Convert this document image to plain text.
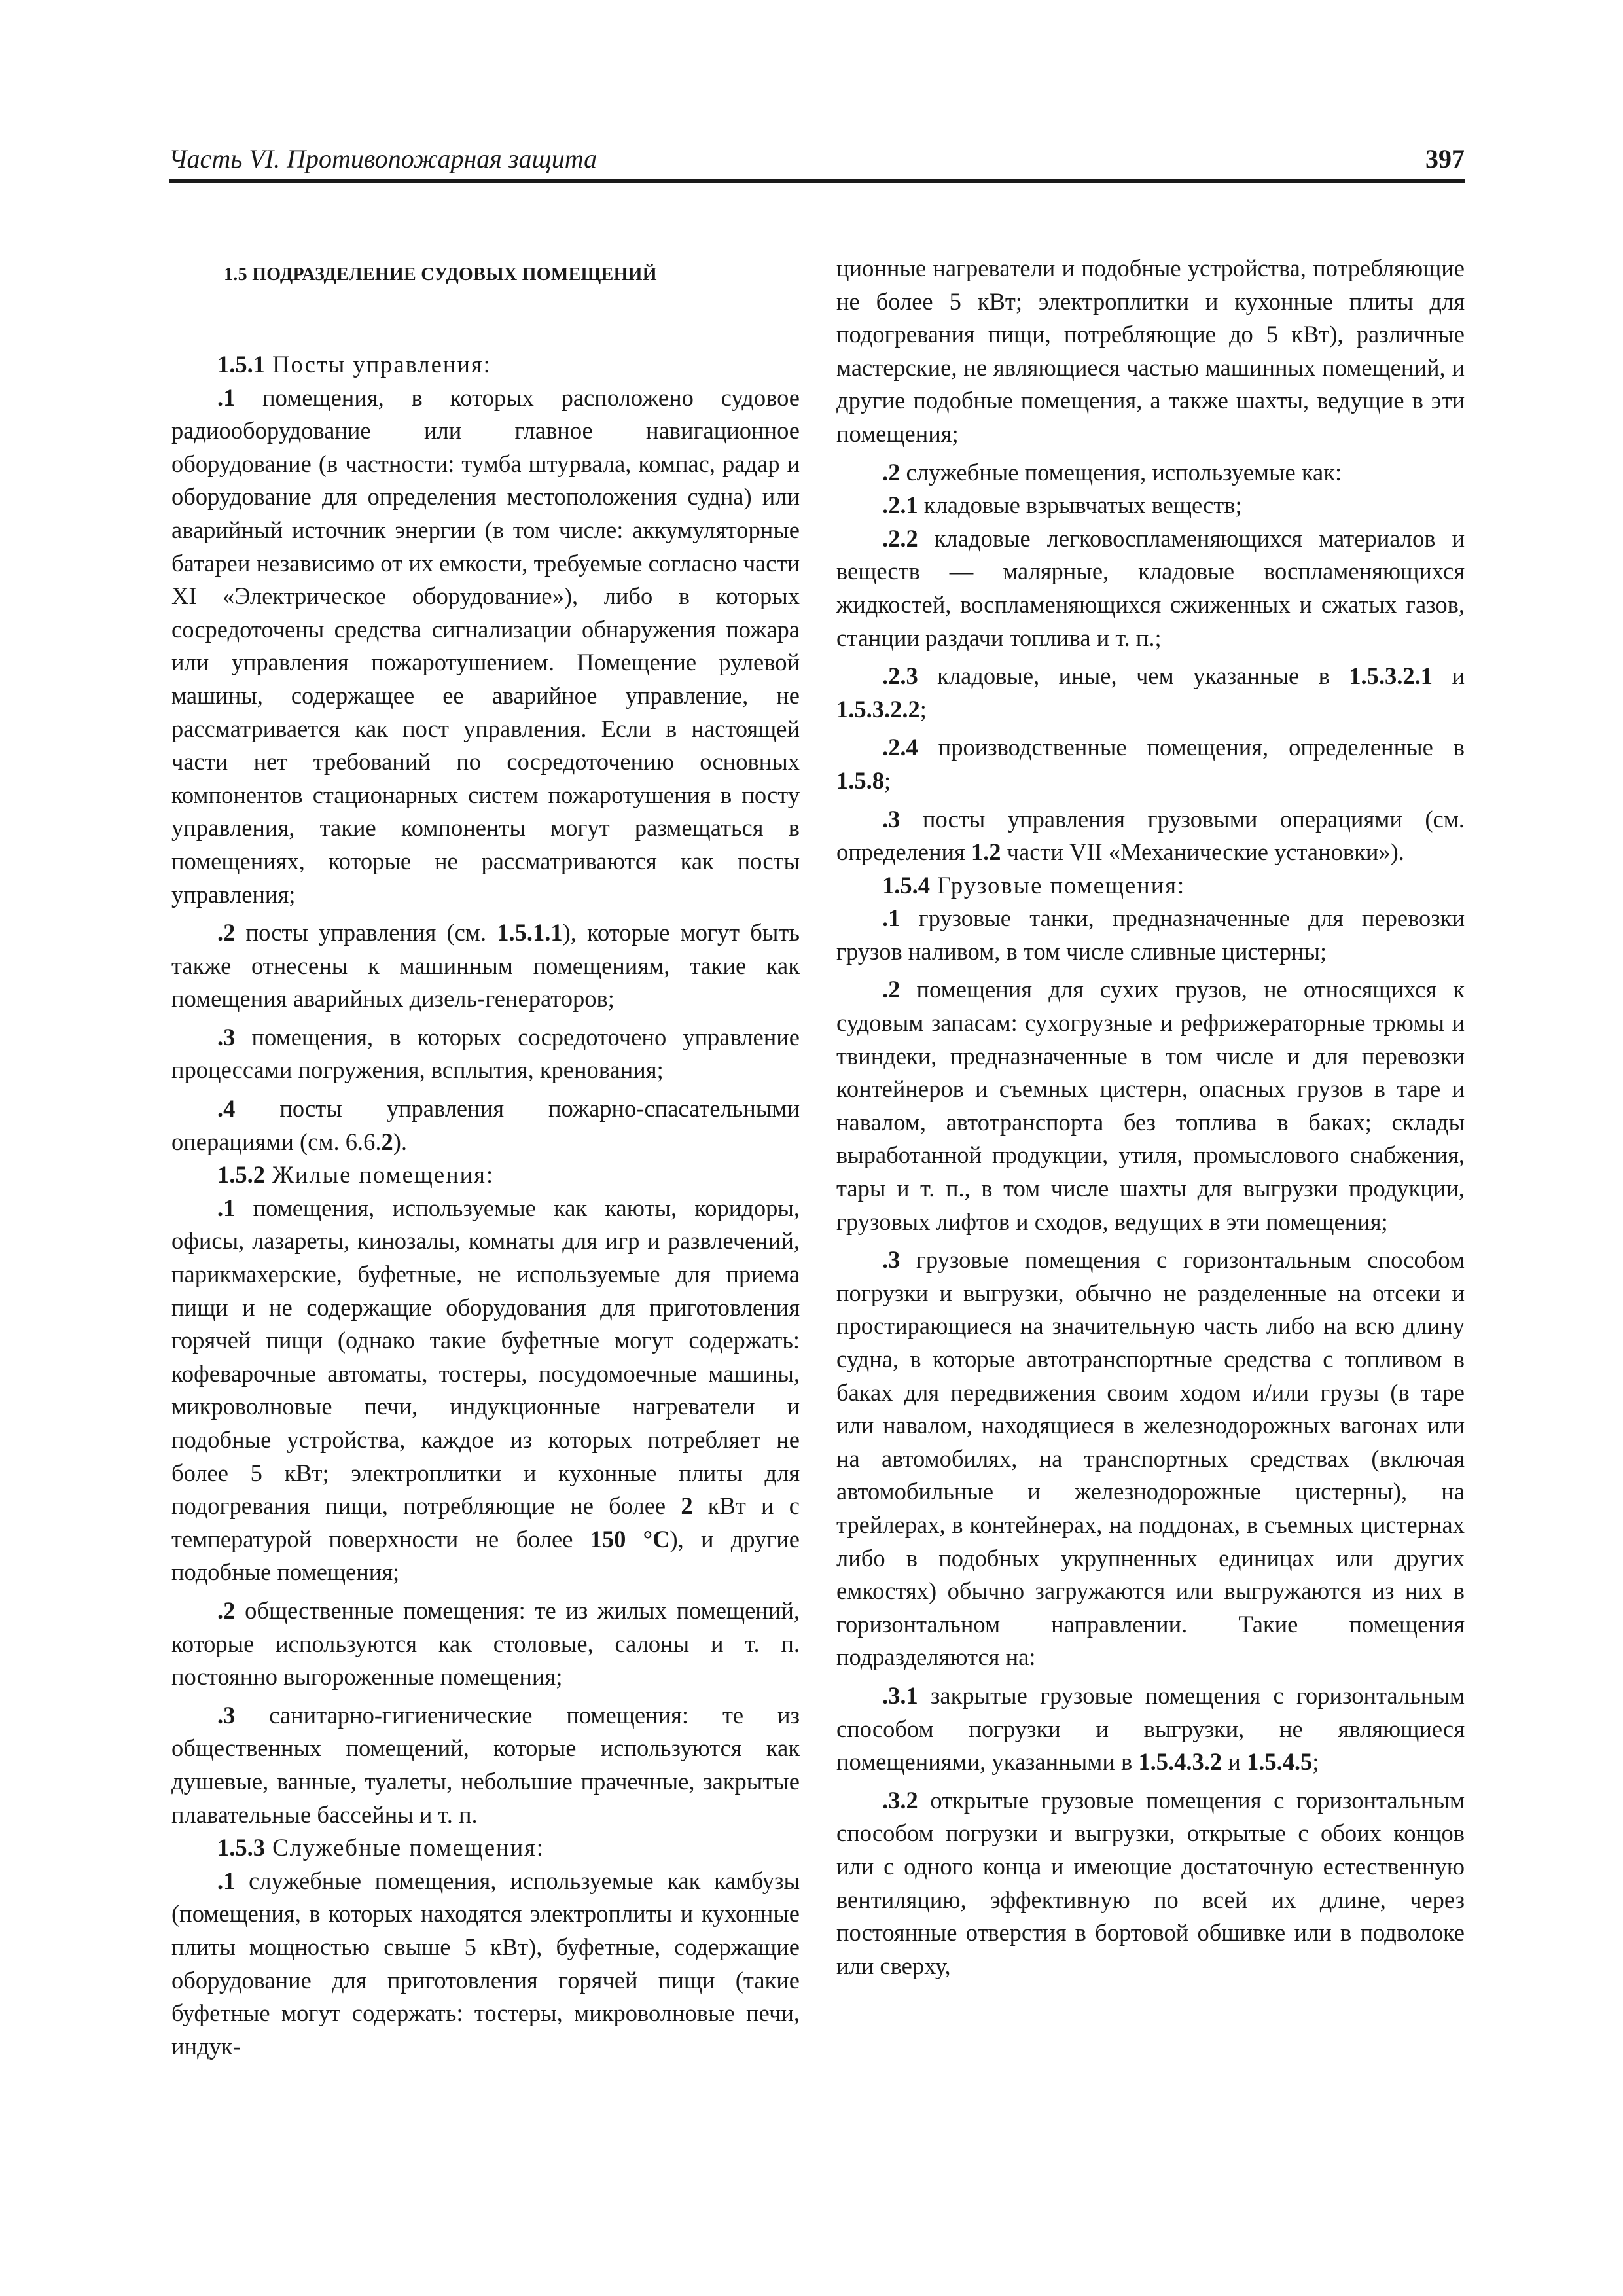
Часть VI. Противопожарная защита	397
1.5 ПОДРАЗДЕЛЕНИЕ СУДОВЫХ ПОМЕЩЕНИЙ

1.5.1 Посты управления:

.1 помещения, в которых расположено судовое радиооборудование или главное навигационное оборудование (в частности: тумба штурвала, компас, радар и оборудование для определения местоположения судна) или аварийный источник энергии (в том числе: аккумуляторные батареи независимо от их емкости, требуемые согласно части XI «Электрическое оборудование»), либо в которых сосредоточены средства сигнализации обнаружения пожара или управления пожаротушением. Помещение рулевой машины, содержащее ее аварийное управление, не рассматривается как пост управления. Если в настоящей части нет требований по сосредоточению основных компонентов стационарных систем пожаротушения в посту управления, такие компоненты могут размещаться в помещениях, которые не рассматриваются как посты управления;

.2 посты управления (см. 1.5.1.1), которые могут быть также отнесены к машинным помещениям, такие как помещения аварийных дизель-генераторов;

.3 помещения, в которых сосредоточено управление процессами погружения, всплытия, кренования;

.4 посты управления пожарно-спасательными операциями (см. 6.6.2).

1.5.2 Жилые помещения:

.1 помещения, используемые как каюты, коридоры, офисы, лазареты, кинозалы, комнаты для игр и развлечений, парикмахерские, буфетные, не используемые для приема пищи и не содержащие оборудования для приготовления горячей пищи (однако такие буфетные могут содержать: кофеварочные автоматы, тостеры, посудомоечные машины, микроволновые печи, индукционные нагреватели и подобные устройства, каждое из которых потребляет не более 5 кВт; электроплитки и кухонные плиты для подогревания пищи, потребляющие не более 2 кВт и с температурой поверхности не более 150 °С), и другие подобные помещения;

.2 общественные помещения: те из жилых помещений, которые используются как столовые, салоны и т. п. постоянно выгороженные помещения;

.3 санитарно-гигиенические помещения: те из общественных помещений, которые используются как душевые, ванные, туалеты, небольшие прачечные, закрытые плавательные бассейны и т. п.

1.5.3 Служебные помещения:

.1 служебные помещения, используемые как камбузы (помещения, в которых находятся электроплиты и кухонные плиты мощностью свыше 5 кВт), буфетные, содержащие оборудование для приготовления горячей пищи (такие буфетные могут содержать: тостеры, микроволновые печи, индук-

ционные нагреватели и подобные устройства, потребляющие не более 5 кВт; электроплитки и кухонные плиты для подогревания пищи, потребляющие до 5 кВт), различные мастерские, не являющиеся частью машинных помещений, и другие подобные помещения, а также шахты, ведущие в эти помещения;

.2 служебные помещения, используемые как:

.2.1 кладовые взрывчатых веществ;

.2.2 кладовые легковоспламеняющихся материалов и веществ — малярные, кладовые воспламеняющихся жидкостей, воспламеняющихся сжиженных и сжатых газов, станции раздачи топлива и т. п.;

.2.3 кладовые, иные, чем указанные в 1.5.3.2.1 и 1.5.3.2.2;

.2.4 производственные помещения, определенные в 1.5.8;

.3 посты управления грузовыми операциями (см. определения 1.2 части VII «Механические установки»).

1.5.4 Грузовые помещения:

.1 грузовые танки, предназначенные для перевозки грузов наливом, в том числе сливные цистерны;

.2 помещения для сухих грузов, не относящихся к судовым запасам: сухогрузные и рефрижераторные трюмы и твиндеки, предназначенные в том числе и для перевозки контейнеров и съемных цистерн, опасных грузов в таре и навалом, автотранспорта без топлива в баках; склады выработанной продукции, утиля, промыслового снабжения, тары и т. п., в том числе шахты для выгрузки продукции, грузовых лифтов и сходов, ведущих в эти помещения;

.3 грузовые помещения с горизонтальным способом погрузки и выгрузки, обычно не разделенные на отсеки и простирающиеся на значительную часть либо на всю длину судна, в которые автотранспортные средства с топливом в баках для передвижения своим ходом и/или грузы (в таре или навалом, находящиеся в железнодорожных вагонах или на автомобилях, на транспортных средствах (включая автомобильные и железнодорожные цистерны), на трейлерах, в контейнерах, на поддонах, в съемных цистернах либо в подобных укрупненных единицах или других емкостях) обычно загружаются или выгружаются из них в горизонтальном направлении. Такие помещения подразделяются на:

.3.1 закрытые грузовые помещения с горизонтальным способом погрузки и выгрузки, не являющиеся помещениями, указанными в 1.5.4.3.2 и 1.5.4.5;

.3.2 открытые грузовые помещения с горизонтальным способом погрузки и выгрузки, открытые с обоих концов или с одного конца и имеющие достаточную естественную вентиляцию, эффективную по всей их длине, через постоянные отверстия в бортовой обшивке или в подволоке или сверху,
